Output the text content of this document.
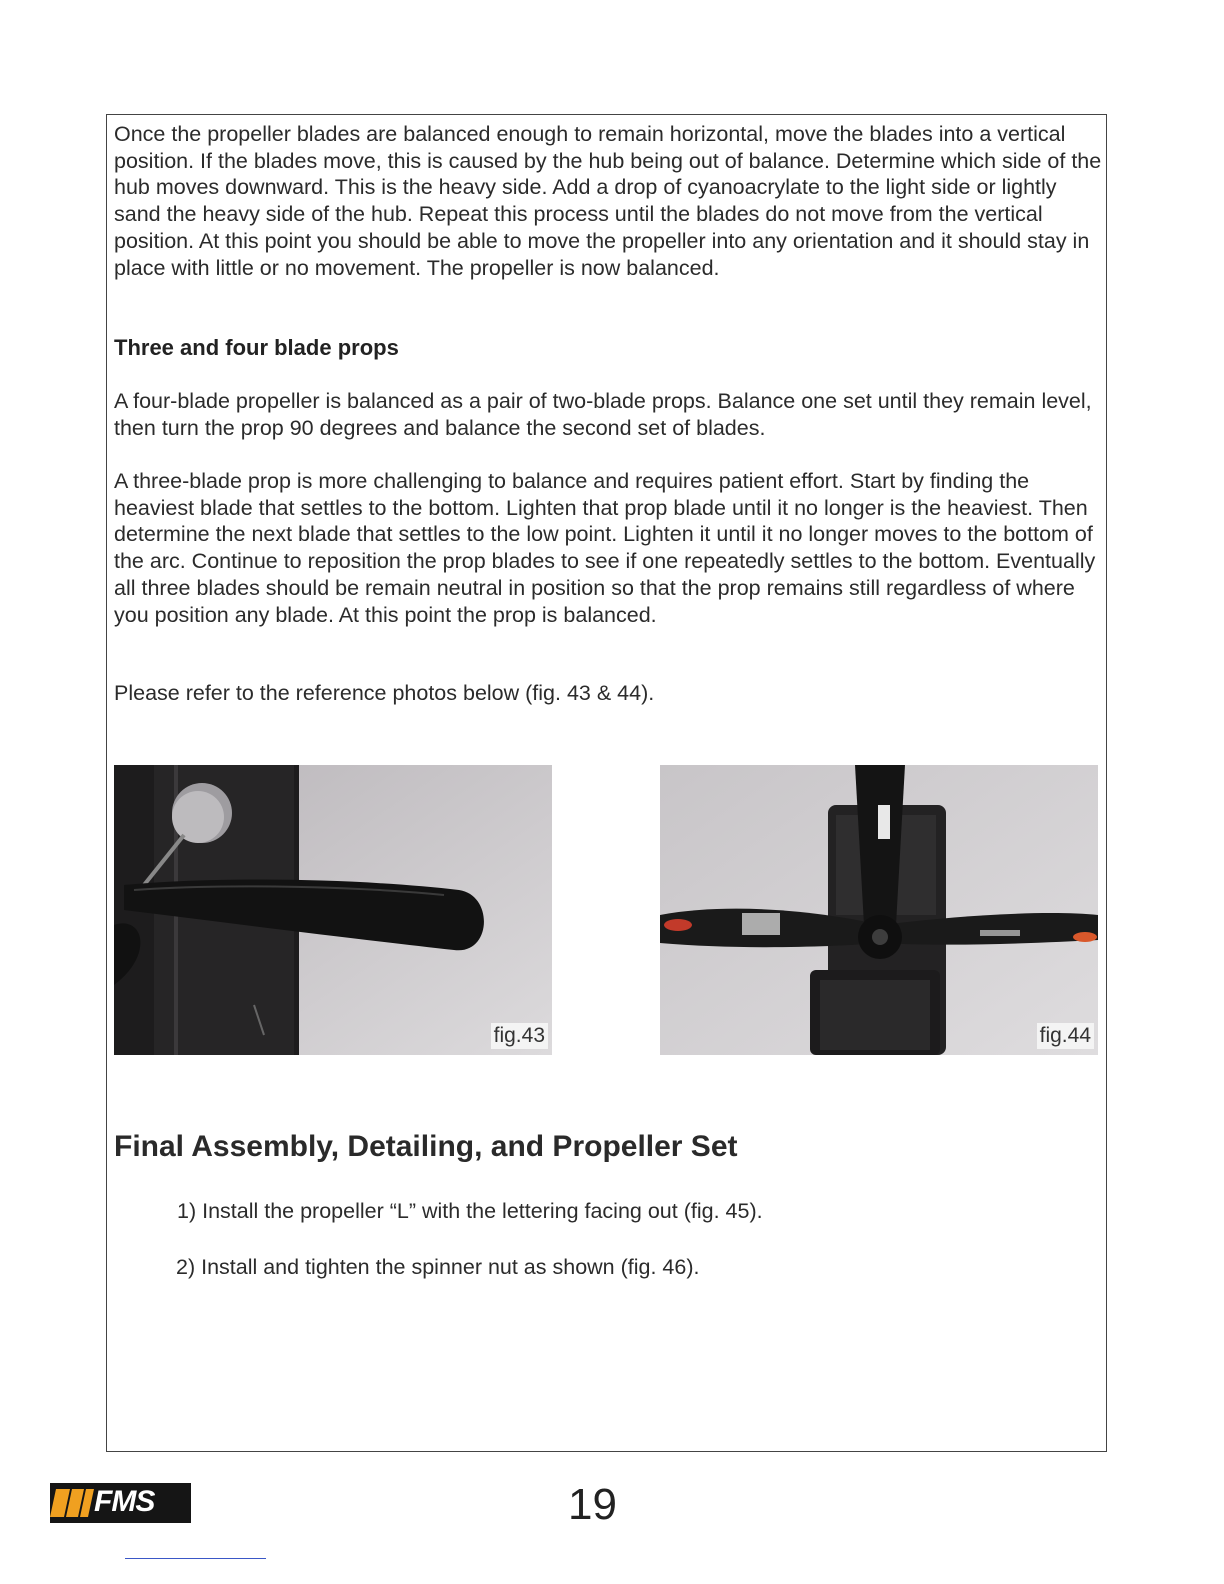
Once the propeller blades are balanced enough to remain horizontal, move the blades into a vertical position. If the blades move, this is caused by the hub being out of balance. Determine which side of the hub moves downward. This is the heavy side. Add a drop of cyanoacrylate to the light side or lightly sand the heavy side of the hub. Repeat this process until the blades do not move from the vertical position. At this point you should be able to move the propeller into any orientation and it should stay in place with little or no movement. The propeller is now balanced.

Three and four blade props

A four-blade propeller is balanced as a pair of two-blade props. Balance one set until they remain level, then turn the prop 90 degrees and balance the second set of blades.

A three-blade prop is more challenging to balance and requires patient effort. Start by finding the heaviest blade that settles to the bottom. Lighten that prop blade until it no longer is the heaviest. Then determine the next blade that settles to the low point. Lighten it until it no longer moves to the bottom of the arc. Continue to reposition the prop blades to see if one repeatedly settles to the bottom. Eventually all three blades should be remain neutral in position so that the prop remains still regardless of where you position any blade. At this point the prop is balanced.

Please refer to the reference photos below (fig. 43 & 44).

fig.43	fig.44
Final Assembly, Detailing, and Propeller Set

1) Install the propeller “L” with the lettering facing out (fig. 45).

2) Install and tighten the spinner nut as shown (fig. 46).

FMS	19
